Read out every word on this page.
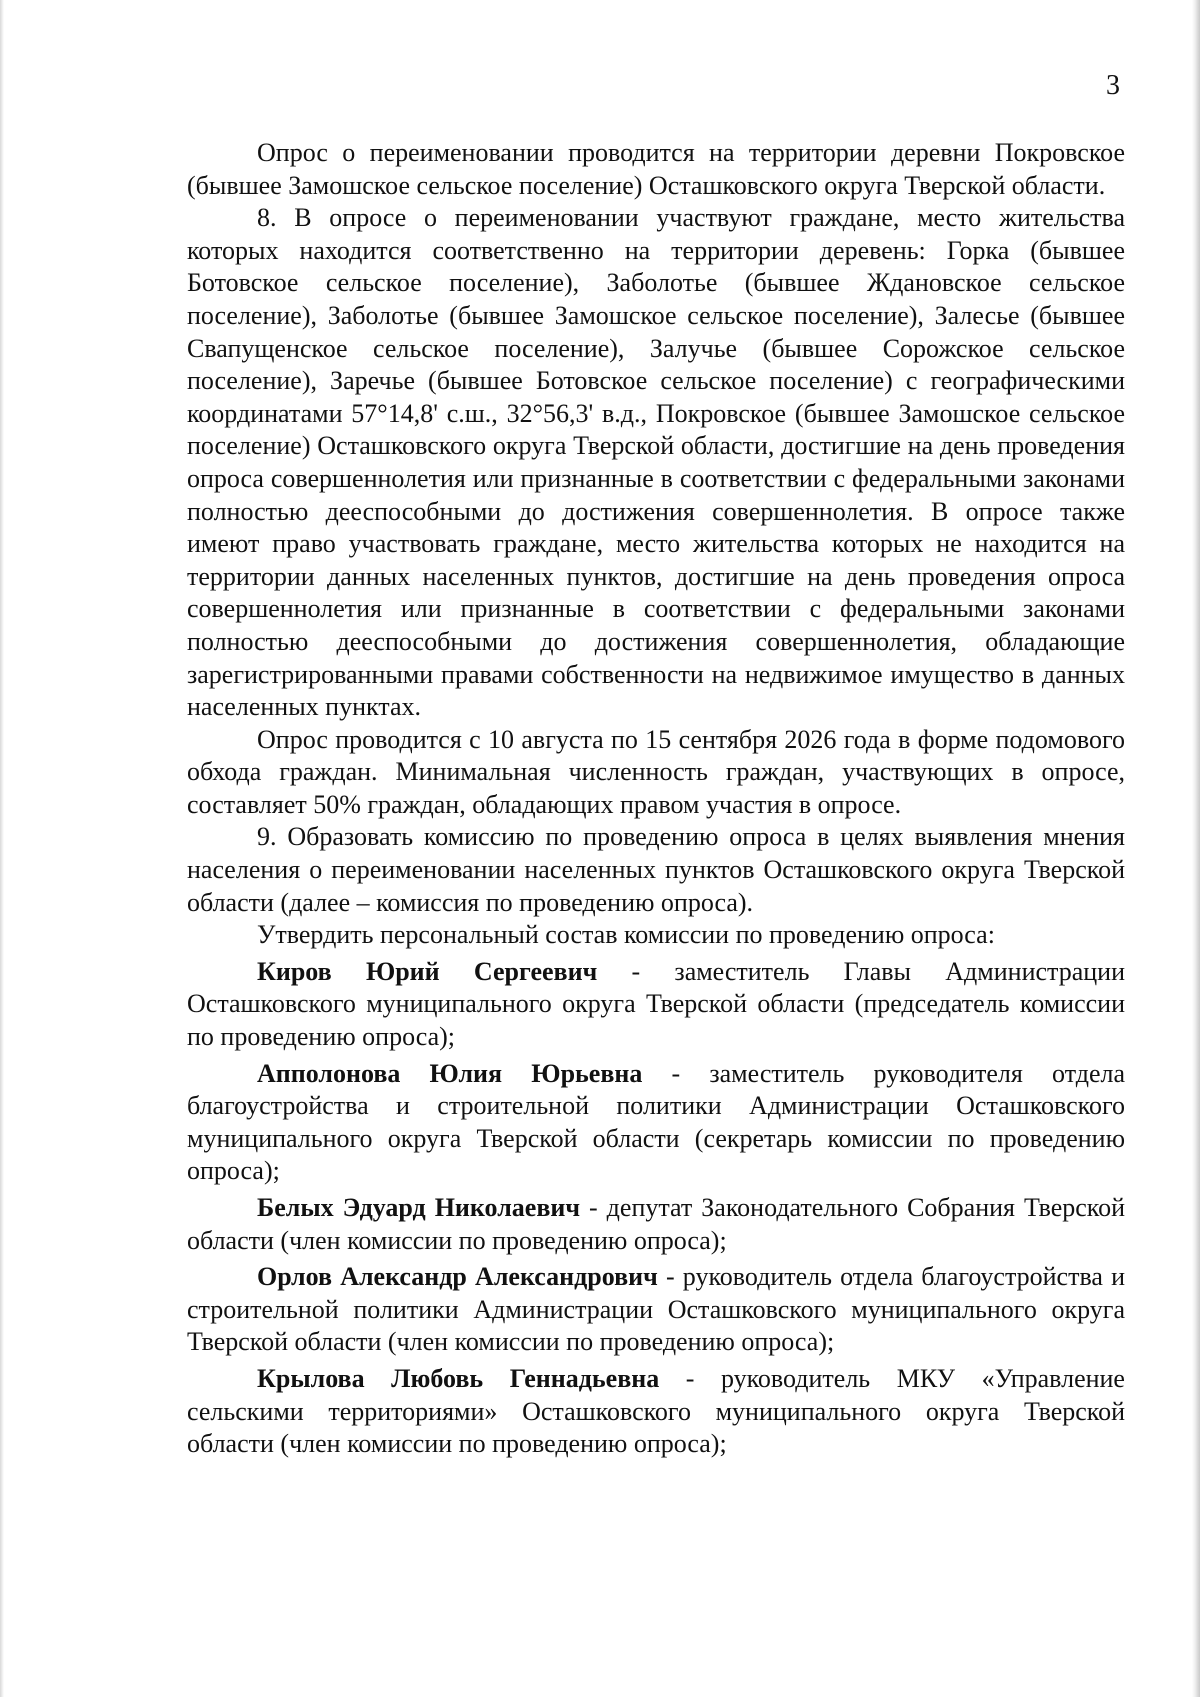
3

Опрос о переименовании проводится на территории деревни Покровское (бывшее Замошское сельское поселение) Осташковского округа Тверской области.

8. В опросе о переименовании участвуют граждане, место жительства которых находится соответственно на территории деревень: Горка (бывшее Ботовское сельское поселение), Заболотье (бывшее Ждановское сельское поселение), Заболотье (бывшее Замошское сельское поселение), Залесье (бывшее Свапущенское сельское поселение), Залучье (бывшее Сорожское сельское поселение), Заречье (бывшее Ботовское сельское поселение) с географическими координатами 57°14,8' с.ш., 32°56,3' в.д., Покровское (бывшее Замошское сельское поселение) Осташковского округа Тверской области, достигшие на день проведения опроса совершеннолетия или признанные в соответствии с федеральными законами полностью дееспособными до достижения совершеннолетия. В опросе также имеют право участвовать граждане, место жительства которых не находится на территории данных населенных пунктов, достигшие на день проведения опроса совершеннолетия или признанные в соответствии с федеральными законами полностью дееспособными до достижения совершеннолетия, обладающие зарегистрированными правами собственности на недвижимое имущество в данных населенных пунктах.

Опрос проводится с 10 августа по 15 сентября 2026 года в форме подомового обхода граждан. Минимальная численность граждан, участвующих в опросе, составляет 50% граждан, обладающих правом участия в опросе.

9. Образовать комиссию по проведению опроса в целях выявления мнения населения о переименовании населенных пунктов Осташковского округа Тверской области (далее – комиссия по проведению опроса).

Утвердить персональный состав комиссии по проведению опроса:

Киров Юрий Сергеевич - заместитель Главы Администрации Осташковского муниципального округа Тверской области (председатель комиссии по проведению опроса);

Апполонова Юлия Юрьевна - заместитель руководителя отдела благоустройства и строительной политики Администрации Осташковского муниципального округа Тверской области (секретарь комиссии по проведению опроса);

Белых Эдуард Николаевич - депутат Законодательного Собрания Тверской области (член комиссии по проведению опроса);

Орлов Александр Александрович - руководитель отдела благоустройства и строительной политики Администрации Осташковского муниципального округа Тверской области (член комиссии по проведению опроса);

Крылова Любовь Геннадьевна - руководитель МКУ «Управление сельскими территориями» Осташковского муниципального округа Тверской области (член комиссии по проведению опроса);
